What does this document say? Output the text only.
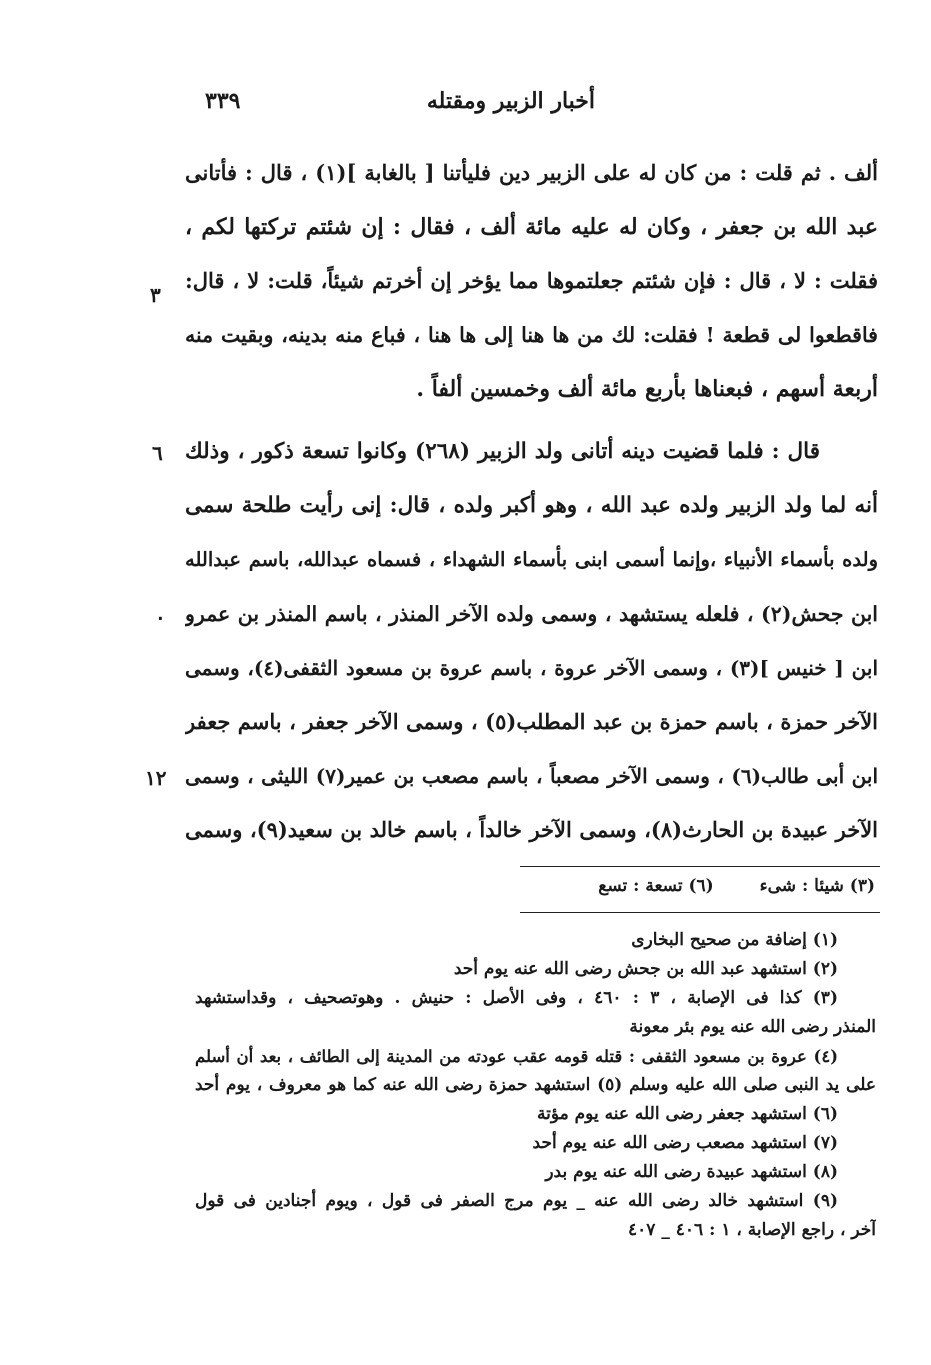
أخبار الزبير ومقتله
٣٣٩
ألف . ثم قلت : من كان له على الزبير دين فليأتنا [ بالغابة ](١) ، قال : فأتانى
عبد الله بن جعفر ، وكان له عليه مائة ألف ، فقال : إن شئتم تركتها لكم ،
فقلت : لا ، قال : فإن شئتم جعلتموها مما يؤخر إن أخرتم شيئاً، قلت: لا ، قال:
فاقطعوا لى قطعة ! فقلت: لك من ها هنا إلى ها هنا ، فباع منه بدينه، وبقيت منه
أربعة أسهم ، فبعناها بأربع مائة ألف وخمسين ألفاً .
قال : فلما قضيت دينه أتانى ولد الزبير (٢٦٨) وكانوا تسعة ذكور ، وذلك
أنه لما ولد الزبير ولده عبد الله ، وهو أكبر ولده ، قال: إنى رأيت طلحة سمى
ولده بأسماء الأنبياء ،وإنما أسمى ابنى بأسماء الشهداء ، فسماه عبدالله، باسم عبدالله
ابن جحش(٢) ، فلعله يستشهد ، وسمى ولده الآخر المنذر ، باسم المنذر بن عمرو
ابن [ خنيس ](٣) ، وسمى الآخر عروة ، باسم عروة بن مسعود الثقفى(٤)، وسمى
الآخر حمزة ، باسم حمزة بن عبد المطلب(٥) ، وسمى الآخر جعفر ، باسم جعفر
ابن أبى طالب(٦) ، وسمى الآخر مصعباً ، باسم مصعب بن عمير(٧) الليثى ، وسمى
الآخر عبيدة بن الحارث(٨)، وسمى الآخر خالداً ، باسم خالد بن سعيد(٩)، وسمى
٣
٦
٠
١٢
(٣) شيئا : شىء (٦) تسعة : تسع
(١) إضافة من صحيح البخارى
(٢) استشهد عبد الله بن جحش رضى الله عنه يوم أحد
(٣) كذا فى الإصابة ، ٣ : ٤٦٠ ، وفى الأصل : حنيش . وهوتصحيف ، وقداستشهد
المنذر رضى الله عنه يوم بئر معونة
(٤) عروة بن مسعود الثقفى : قتله قومه عقب عودته من المدينة إلى الطائف ، بعد أن أسلم
على يد النبى صلى الله عليه وسلم (٥) استشهد حمزة رضى الله عنه كما هو معروف ، يوم أحد
(٦) استشهد جعفر رضى الله عنه يوم مؤتة
(٧) استشهد مصعب رضى الله عنه يوم أحد
(٨) استشهد عبيدة رضى الله عنه يوم بدر
(٩) استشهد خالد رضى الله عنه _ يوم مرج الصفر فى قول ، ويوم أجنادين فى قول
آخر ، راجع الإصابة ، ١ : ٤٠٦ _ ٤٠٧
